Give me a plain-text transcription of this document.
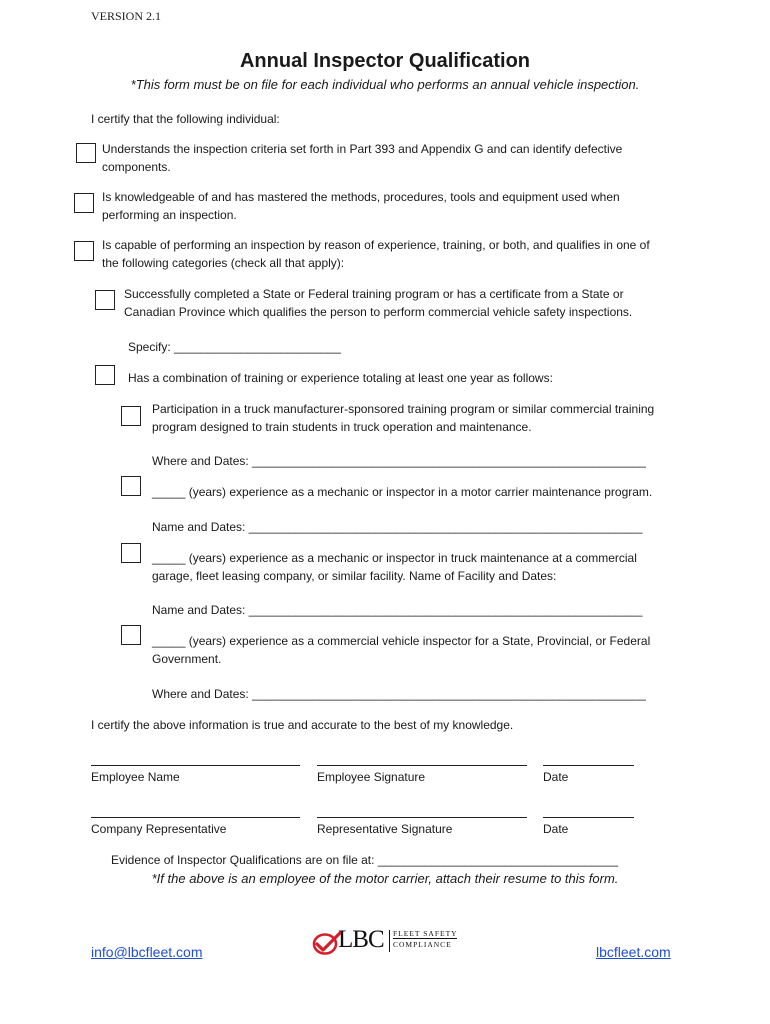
VERSION 2.1
Annual Inspector Qualification
*This form must be on file for each individual who performs an annual vehicle inspection.
I certify that the following individual:
Understands the inspection criteria set forth in Part 393 and Appendix G and can identify defective
components.
Is knowledgeable of and has mastered the methods, procedures, tools and equipment used when
performing an inspection.
Is capable of performing an inspection by reason of experience, training, or both, and qualifies in one of
the following categories (check all that apply):
Successfully completed a State or Federal training program or has a certificate from a State or
Canadian Province which qualifies the person to perform commercial vehicle safety inspections.
Specify: _________________________
Has a combination of training or experience totaling at least one year as follows:
Participation in a truck manufacturer-sponsored training program or similar commercial training
program designed to train students in truck operation and maintenance.
Where and Dates: ___________________________________________________________
_____ (years) experience as a mechanic or inspector in a motor carrier maintenance program.
Name and Dates: ___________________________________________________________
_____ (years) experience as a mechanic or inspector in truck maintenance at a commercial
garage, fleet leasing company, or similar facility. Name of Facility and Dates:
Name and Dates: ___________________________________________________________
_____ (years) experience as a commercial vehicle inspector for a State, Provincial, or Federal
Government.
Where and Dates: ___________________________________________________________
I certify the above information is true and accurate to the best of my knowledge.
Employee Name	Employee Signature	Date
Company Representative	Representative Signature	Date
Evidence of Inspector Qualifications are on file at: ____________________________________
*If the above is an employee of the motor carrier, attach their resume to this form.
info@lbcfleet.com	lbcfleet.com
LBC FLEET SAFETY
COMPLIANCE
